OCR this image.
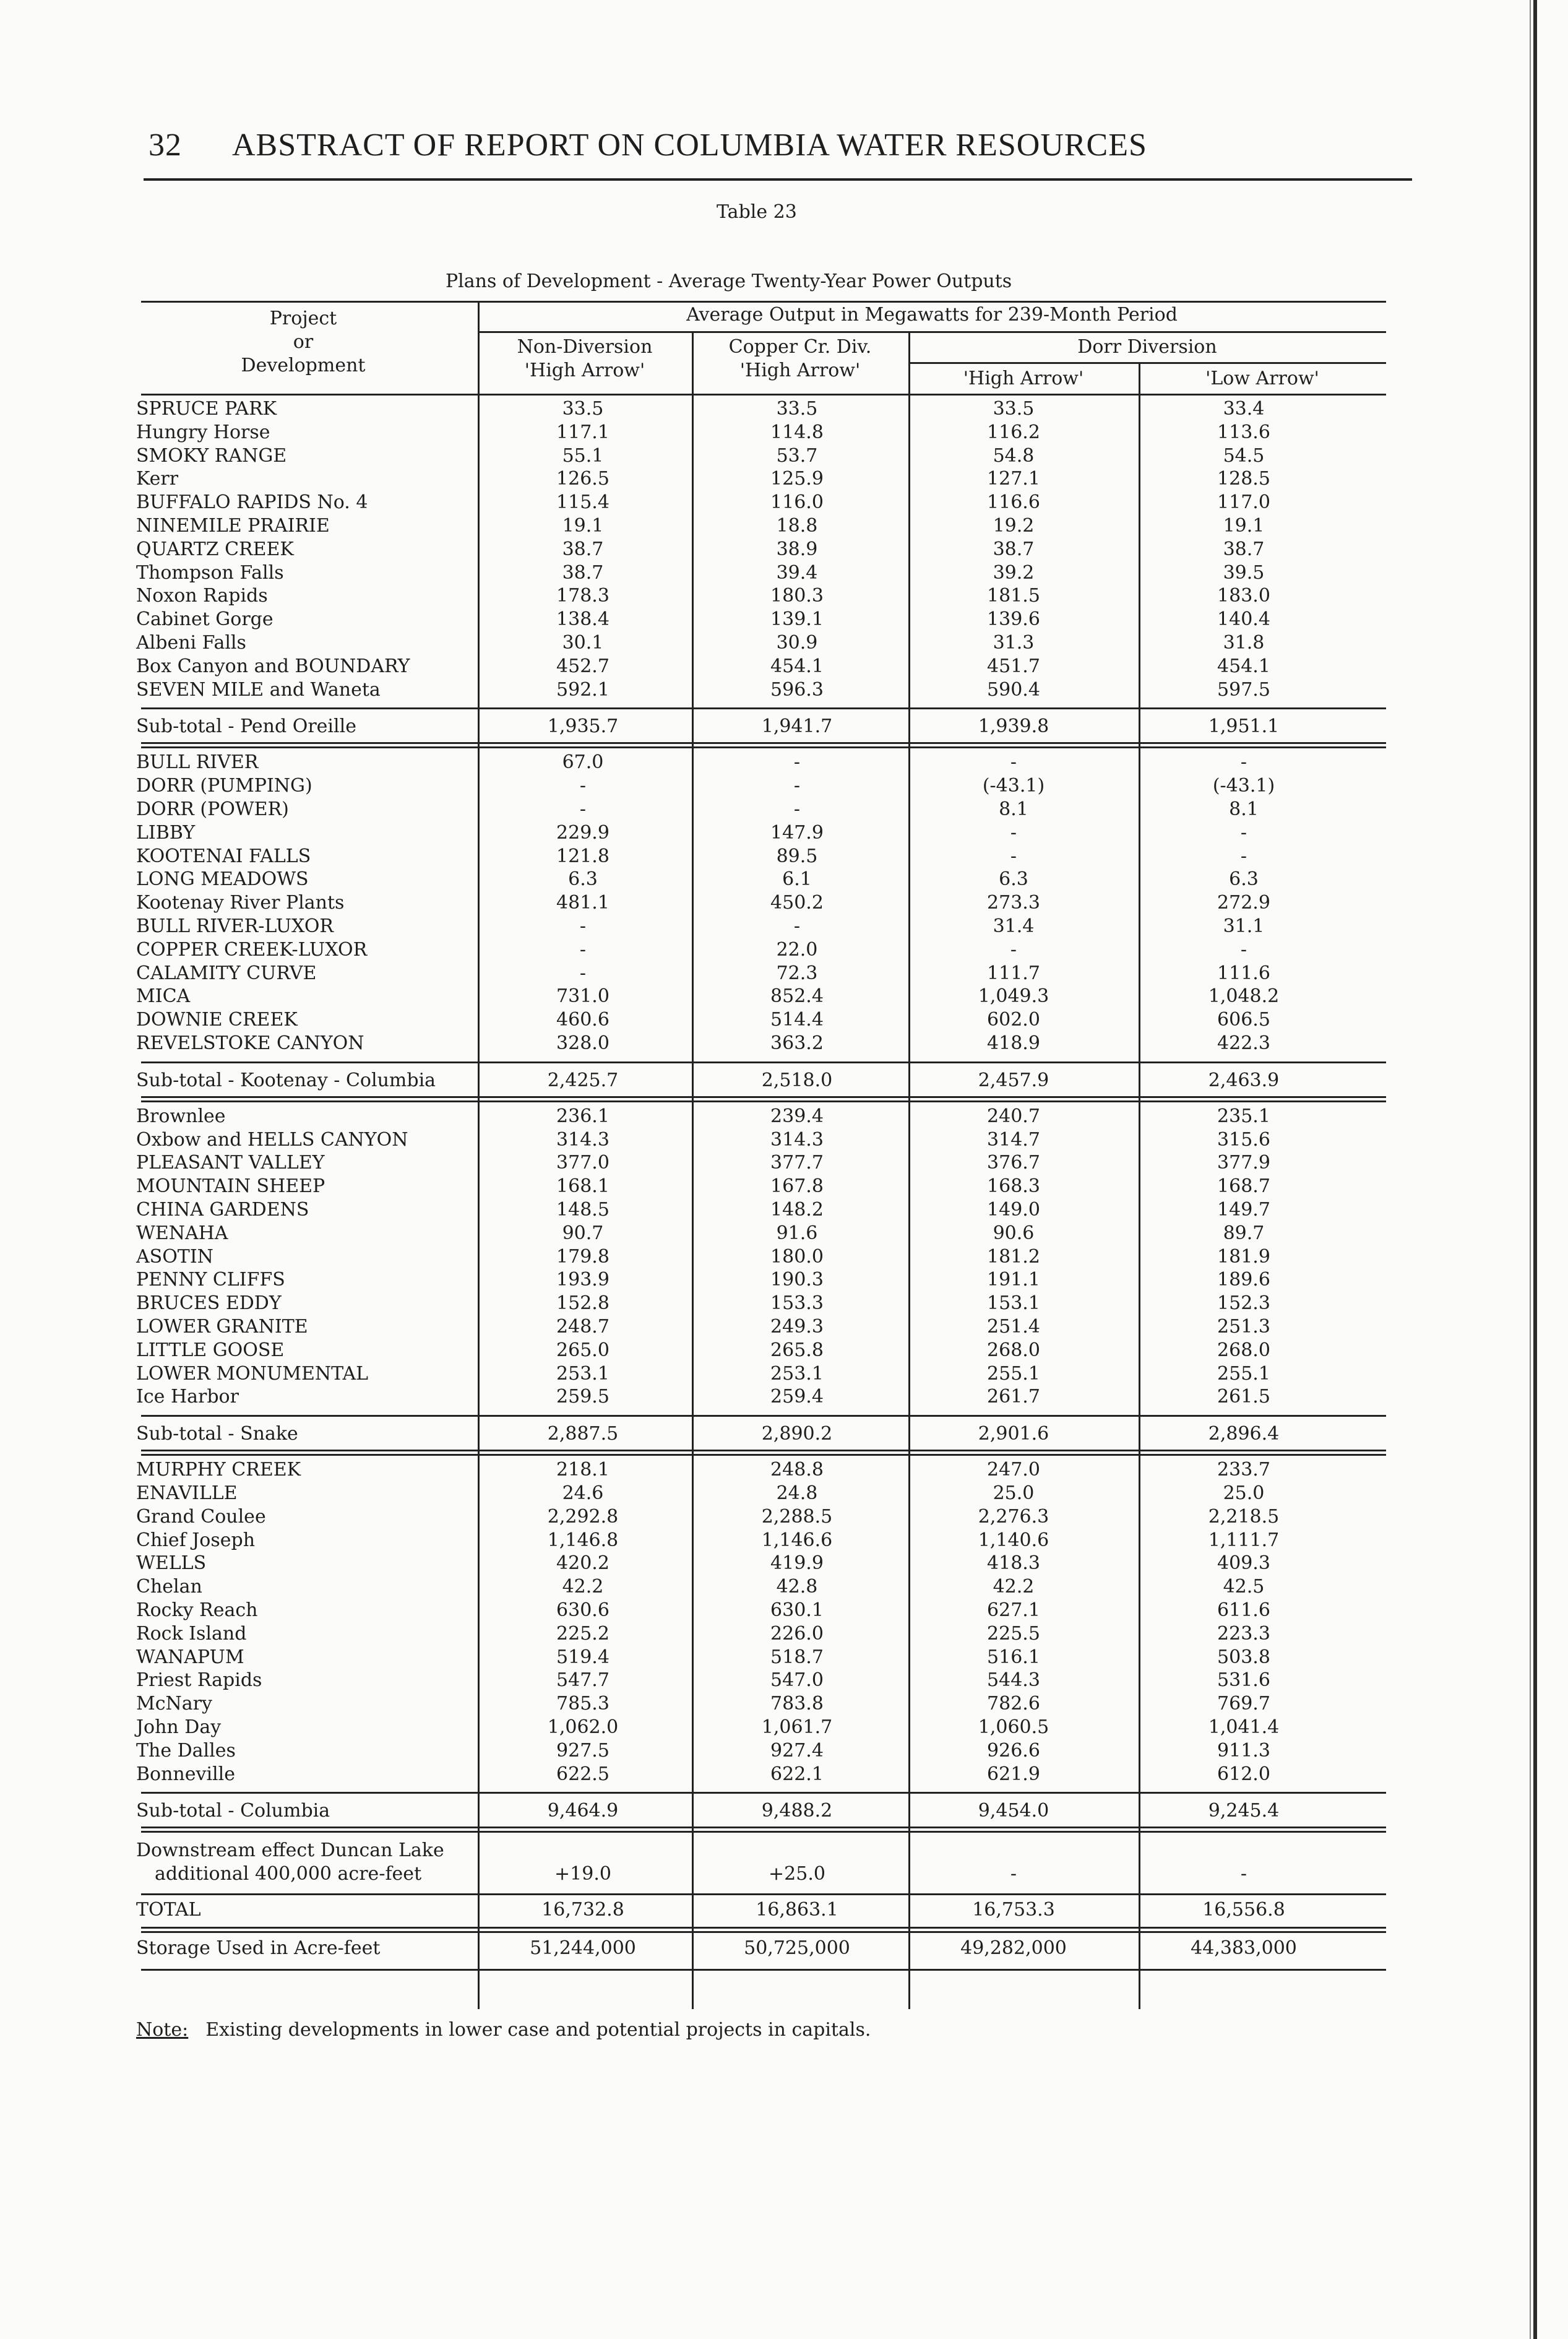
32 ABSTRACT OF REPORT ON COLUMBIA WATER RESOURCES
Table 23
Plans of Development - Average Twenty-Year Power Outputs
Project
or
Development
Average Output in Megawatts for 239-Month Period
Non-Diversion
'High Arrow'
Copper Cr. Div.
'High Arrow'
Dorr Diversion
'High Arrow'	'Low Arrow'
SPRUCE PARK	33.5	33.5	33.5	33.4
Hungry Horse	117.1	114.8	116.2	113.6
SMOKY RANGE	55.1	53.7	54.8	54.5
Kerr	126.5	125.9	127.1	128.5
BUFFALO RAPIDS No. 4	115.4	116.0	116.6	117.0
NINEMILE PRAIRIE	19.1	18.8	19.2	19.1
QUARTZ CREEK	38.7	38.9	38.7	38.7
Thompson Falls	38.7	39.4	39.2	39.5
Noxon Rapids	178.3	180.3	181.5	183.0
Cabinet Gorge	138.4	139.1	139.6	140.4
Albeni Falls	30.1	30.9	31.3	31.8
Box Canyon and BOUNDARY	452.7	454.1	451.7	454.1
SEVEN MILE and Waneta	592.1	596.3	590.4	597.5
Sub-total - Pend Oreille	1,935.7	1,941.7	1,939.8	1,951.1
BULL RIVER	67.0	-	-	-
DORR (PUMPING)	-	-	(-43.1)	(-43.1)
DORR (POWER)	-	-	8.1	8.1
LIBBY	229.9	147.9	-	-
KOOTENAI FALLS	121.8	89.5	-	-
LONG MEADOWS	6.3	6.1	6.3	6.3
Kootenay River Plants	481.1	450.2	273.3	272.9
BULL RIVER-LUXOR	-	-	31.4	31.1
COPPER CREEK-LUXOR	-	22.0	-	-
CALAMITY CURVE	-	72.3	111.7	111.6
MICA	731.0	852.4	1,049.3	1,048.2
DOWNIE CREEK	460.6	514.4	602.0	606.5
REVELSTOKE CANYON	328.0	363.2	418.9	422.3
Sub-total - Kootenay - Columbia	2,425.7	2,518.0	2,457.9	2,463.9
Brownlee	236.1	239.4	240.7	235.1
Oxbow and HELLS CANYON	314.3	314.3	314.7	315.6
PLEASANT VALLEY	377.0	377.7	376.7	377.9
MOUNTAIN SHEEP	168.1	167.8	168.3	168.7
CHINA GARDENS	148.5	148.2	149.0	149.7
WENAHA	90.7	91.6	90.6	89.7
ASOTIN	179.8	180.0	181.2	181.9
PENNY CLIFFS	193.9	190.3	191.1	189.6
BRUCES EDDY	152.8	153.3	153.1	152.3
LOWER GRANITE	248.7	249.3	251.4	251.3
LITTLE GOOSE	265.0	265.8	268.0	268.0
LOWER MONUMENTAL	253.1	253.1	255.1	255.1
Ice Harbor	259.5	259.4	261.7	261.5
Sub-total - Snake	2,887.5	2,890.2	2,901.6	2,896.4
MURPHY CREEK	218.1	248.8	247.0	233.7
ENAVILLE	24.6	24.8	25.0	25.0
Grand Coulee	2,292.8	2,288.5	2,276.3	2,218.5
Chief Joseph	1,146.8	1,146.6	1,140.6	1,111.7
WELLS	420.2	419.9	418.3	409.3
Chelan	42.2	42.8	42.2	42.5
Rocky Reach	630.6	630.1	627.1	611.6
Rock Island	225.2	226.0	225.5	223.3
WANAPUM	519.4	518.7	516.1	503.8
Priest Rapids	547.7	547.0	544.3	531.6
McNary	785.3	783.8	782.6	769.7
John Day	1,062.0	1,061.7	1,060.5	1,041.4
The Dalles	927.5	927.4	926.6	911.3
Bonneville	622.5	622.1	621.9	612.0
Sub-total - Columbia	9,464.9	9,488.2	9,454.0	9,245.4
Downstream effect Duncan Lake
additional 400,000 acre-feet	+19.0	+25.0	-	-
TOTAL	16,732.8	16,863.1	16,753.3	16,556.8
Storage Used in Acre-feet	51,244,000	50,725,000	49,282,000	44,383,000
Note: Existing developments in lower case and potential projects in capitals.
